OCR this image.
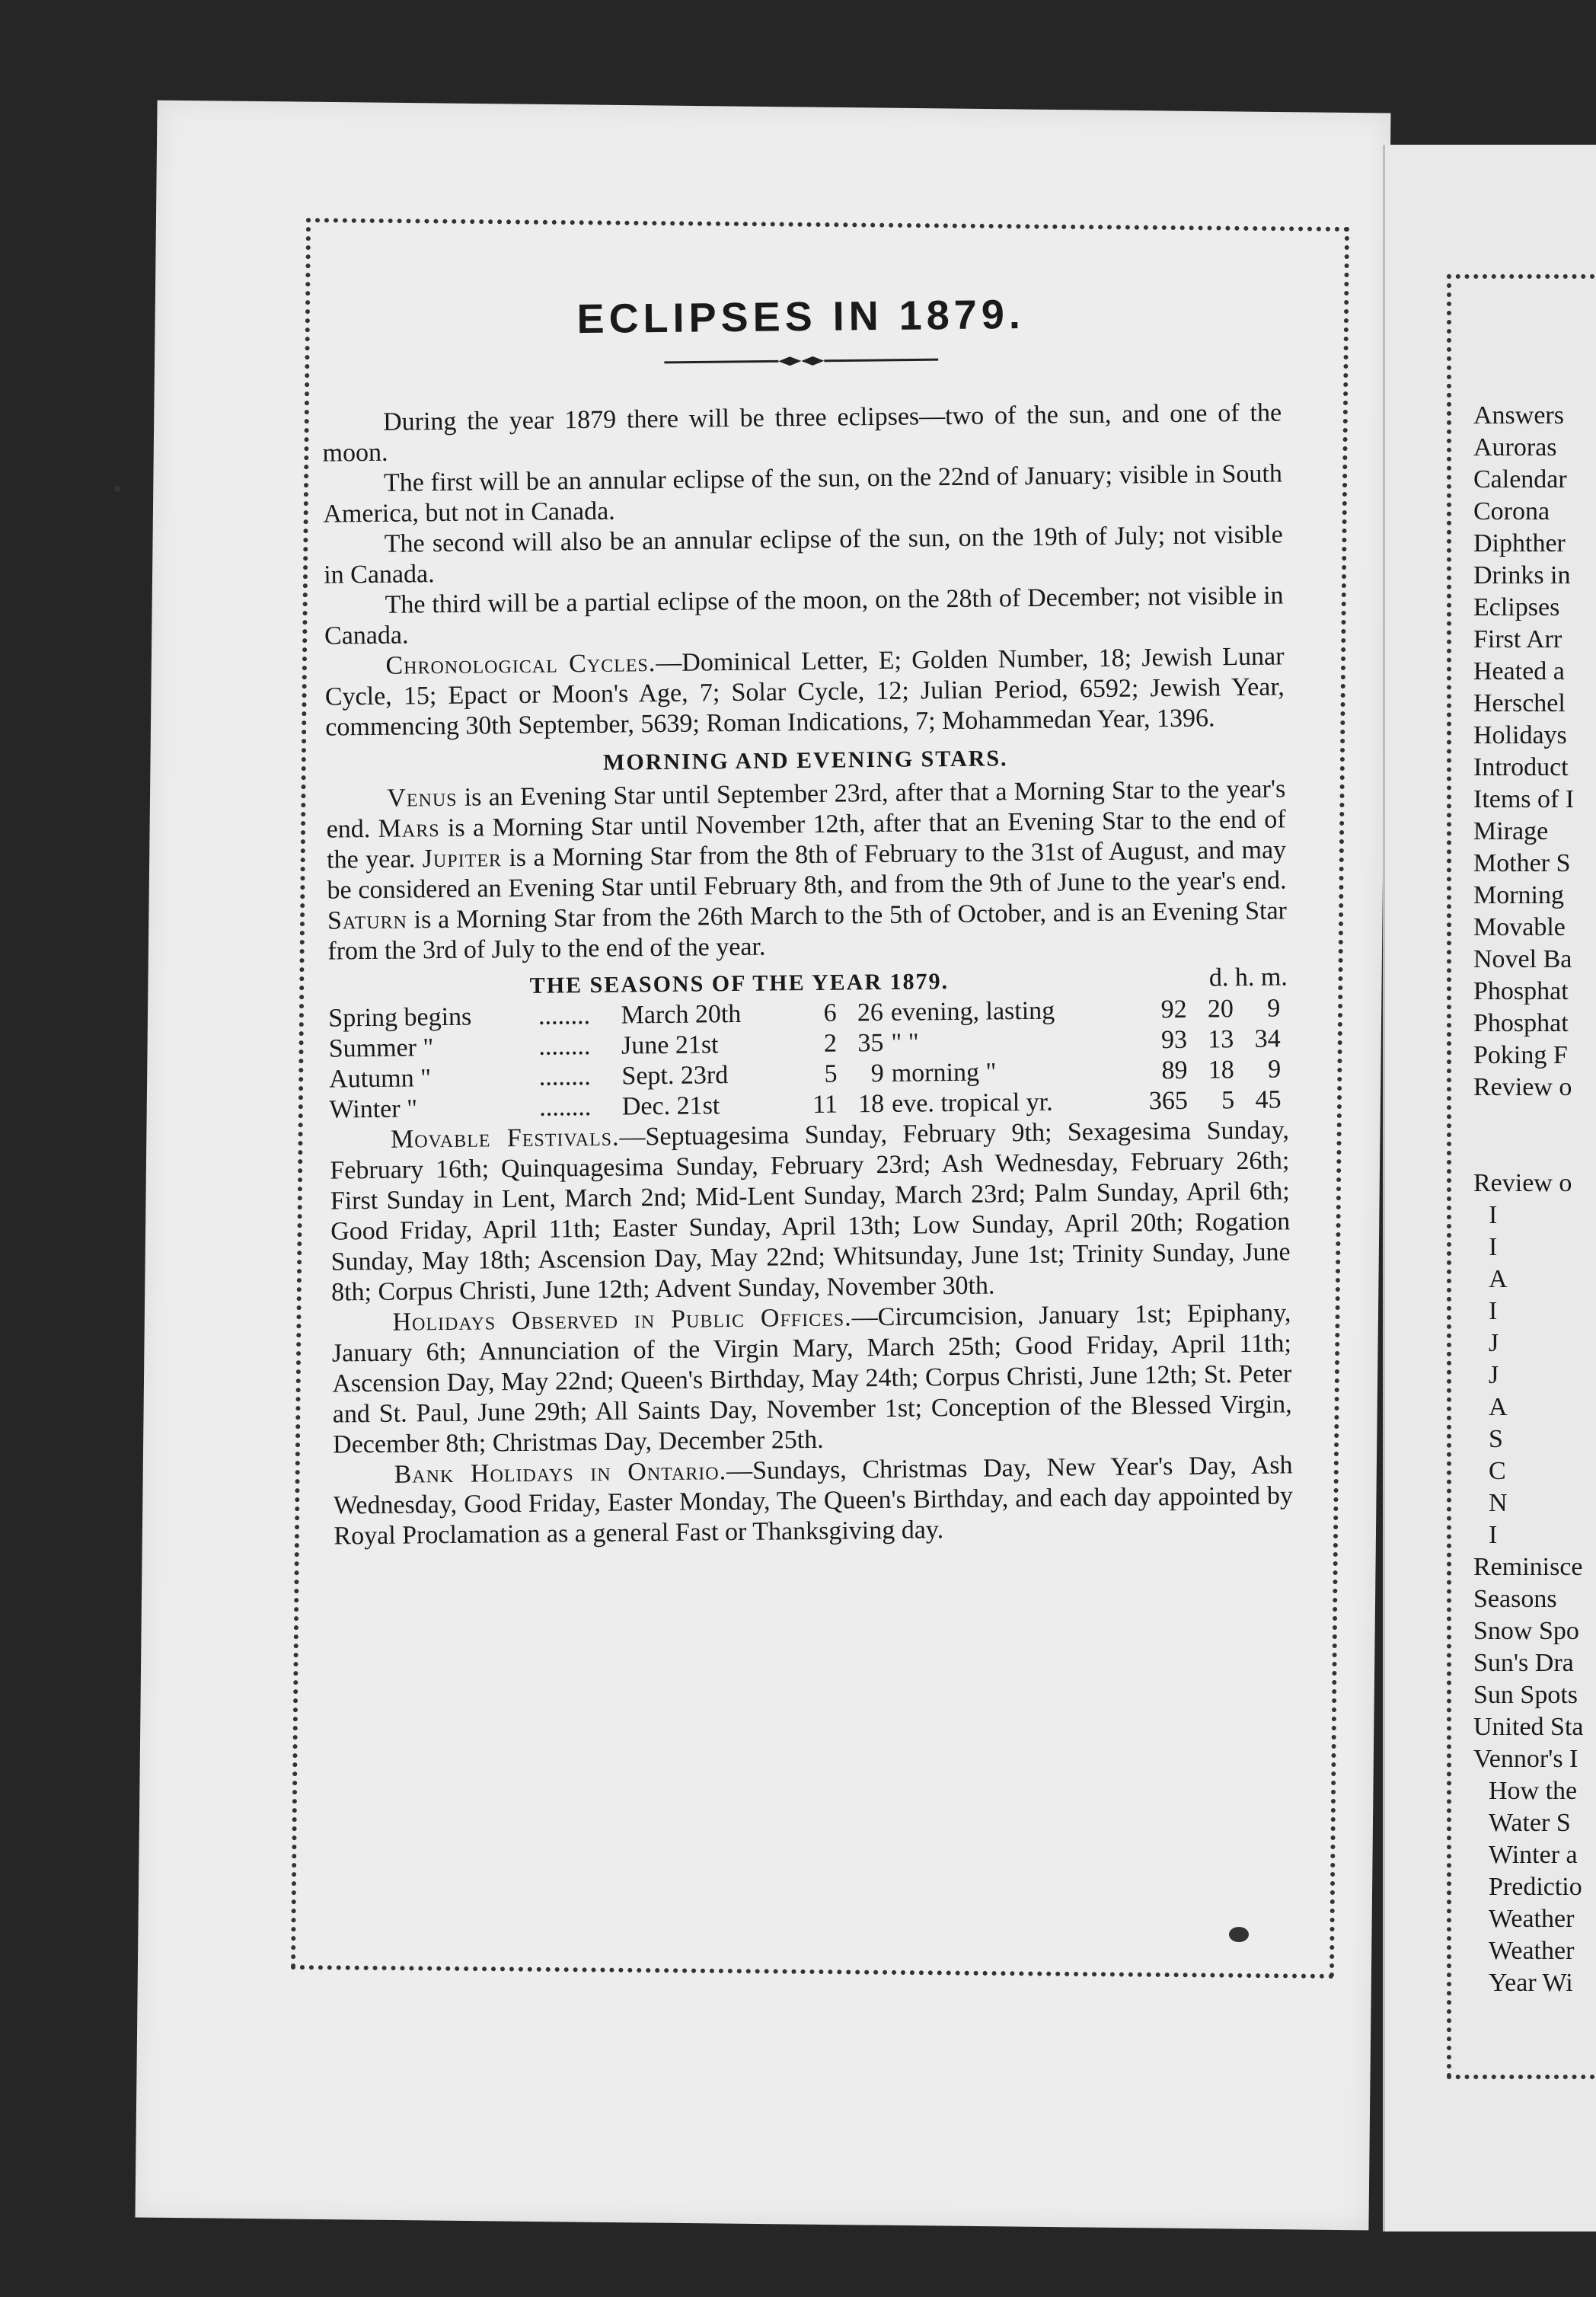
ECLIPSES IN 1879.

During the year 1879 there will be three eclipses—two of the sun, and one of the moon.

The first will be an annular eclipse of the sun, on the 22nd of January; visible in South America, but not in Canada.

The second will also be an annular eclipse of the sun, on the 19th of July; not visible in Canada.

The third will be a partial eclipse of the moon, on the 28th of December; not visible in Canada.

Chronological Cycles.—Dominical Letter, E; Golden Number, 18; Jewish Lunar Cycle, 15; Epact or Moon's Age, 7; Solar Cycle, 12; Julian Period, 6592; Jewish Year, commencing 30th September, 5639; Roman Indications, 7; Mohammedan Year, 1396.

MORNING AND EVENING STARS.

Venus is an Evening Star until September 23rd, after that a Morning Star to the year's end. Mars is a Morning Star until November 12th, after that an Evening Star to the end of the year. Jupiter is a Morning Star from the 8th of February to the 31st of August, and may be considered an Evening Star until February 8th, and from the 9th of June to the year's end. Saturn is a Morning Star from the 26th March to the 5th of October, and is an Evening Star from the 3rd of July to the end of the year.

THE SEASONS OF THE YEAR 1879.	d. h. m.
Spring begins	........	March 20th	6	26	evening, lasting	92	20	9
Summer "	........	June 21st	2	35	" "	93	13	34
Autumn "	........	Sept. 23rd	5	9	morning "	89	18	9
Winter "	........	Dec. 21st	11	18	eve. tropical yr.	365	5	45

Movable Festivals.—Septuagesima Sunday, February 9th; Sexagesima Sunday, February 16th; Quinquagesima Sunday, February 23rd; Ash Wednesday, February 26th; First Sunday in Lent, March 2nd; Mid-Lent Sunday, March 23rd; Palm Sunday, April 6th; Good Friday, April 11th; Easter Sunday, April 13th; Low Sunday, April 20th; Rogation Sunday, May 18th; Ascension Day, May 22nd; Whitsunday, June 1st; Trinity Sunday, June 8th; Corpus Christi, June 12th; Advent Sunday, November 30th.

Holidays Observed in Public Offices.—Circumcision, January 1st; Epiphany, January 6th; Annunciation of the Virgin Mary, March 25th; Good Friday, April 11th; Ascension Day, May 22nd; Queen's Birthday, May 24th; Corpus Christi, June 12th; St. Peter and St. Paul, June 29th; All Saints Day, November 1st; Conception of the Blessed Virgin, December 8th; Christmas Day, December 25th.

Bank Holidays in Ontario.—Sundays, Christmas Day, New Year's Day, Ash Wednesday, Good Friday, Easter Monday, The Queen's Birthday, and each day appointed by Royal Proclamation as a general Fast or Thanksgiving day.

Answers
Auroras
Calendar
Corona
Diphther
Drinks in
Eclipses
First Arr
Heated a
Herschel
Holidays
Introduct
Items of I
Mirage
Mother S
Morning
Movable
Novel Ba
Phosphat
Phosphat
Poking F
Review o
Review o
I
I
A
I
J
J
A
S
C
N
I
Reminisce
Seasons
Snow Spo
Sun's Dra
Sun Spots
United Sta
Vennor's I
How the
Water S
Winter a
Predictio
Weather
Weather
Year Wi
